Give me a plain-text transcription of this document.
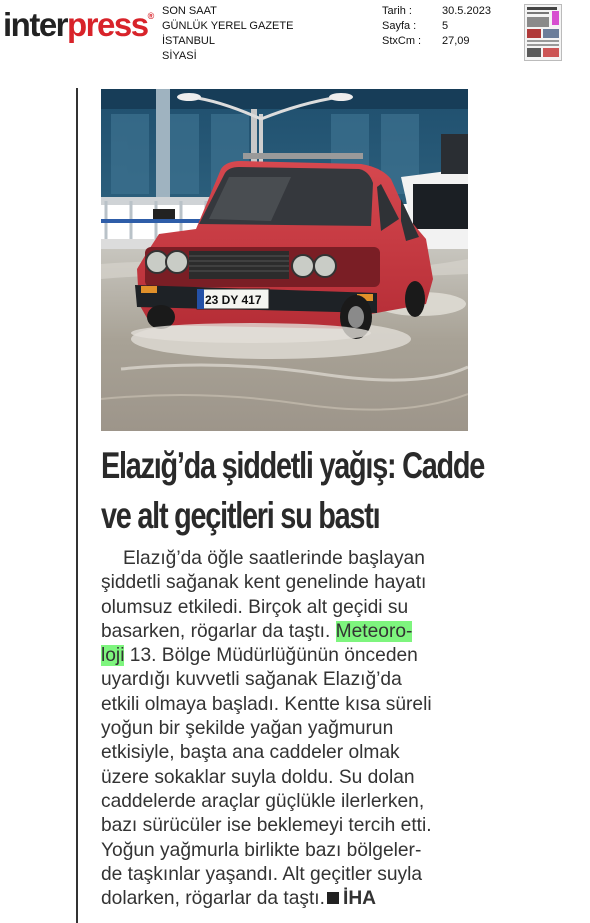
interpress® SON SAAT
GÜNLÜK YEREL GAZETE
İSTANBUL
SİYASİ
Tarih :
Sayfa :
StxCm :
30.5.2023
5
27,09
23 DY 417
Elazığ’da şiddetli yağış: Cadde
ve alt geçitleri su bastı
Elazığ’da öğle saatlerinde başlayan
şiddetli sağanak kent genelinde hayatı
olumsuz etkiledi. Birçok alt geçidi su
basarken, rögarlar da taştı. Meteoro-
loji 13. Bölge Müdürlüğünün önceden
uyardığı kuvvetli sağanak Elazığ’da
etkili olmaya başladı. Kentte kısa süreli
yoğun bir şekilde yağan yağmurun
etkisiyle, başta ana caddeler olmak
üzere sokaklar suyla doldu. Su dolan
caddelerde araçlar güçlükle ilerlerken,
bazı sürücüler ise beklemeyi tercih etti.
Yoğun yağmurla birlikte bazı bölgeler-
de taşkınlar yaşandı. Alt geçitler suyla
dolarken, rögarlar da taştı. İHA
